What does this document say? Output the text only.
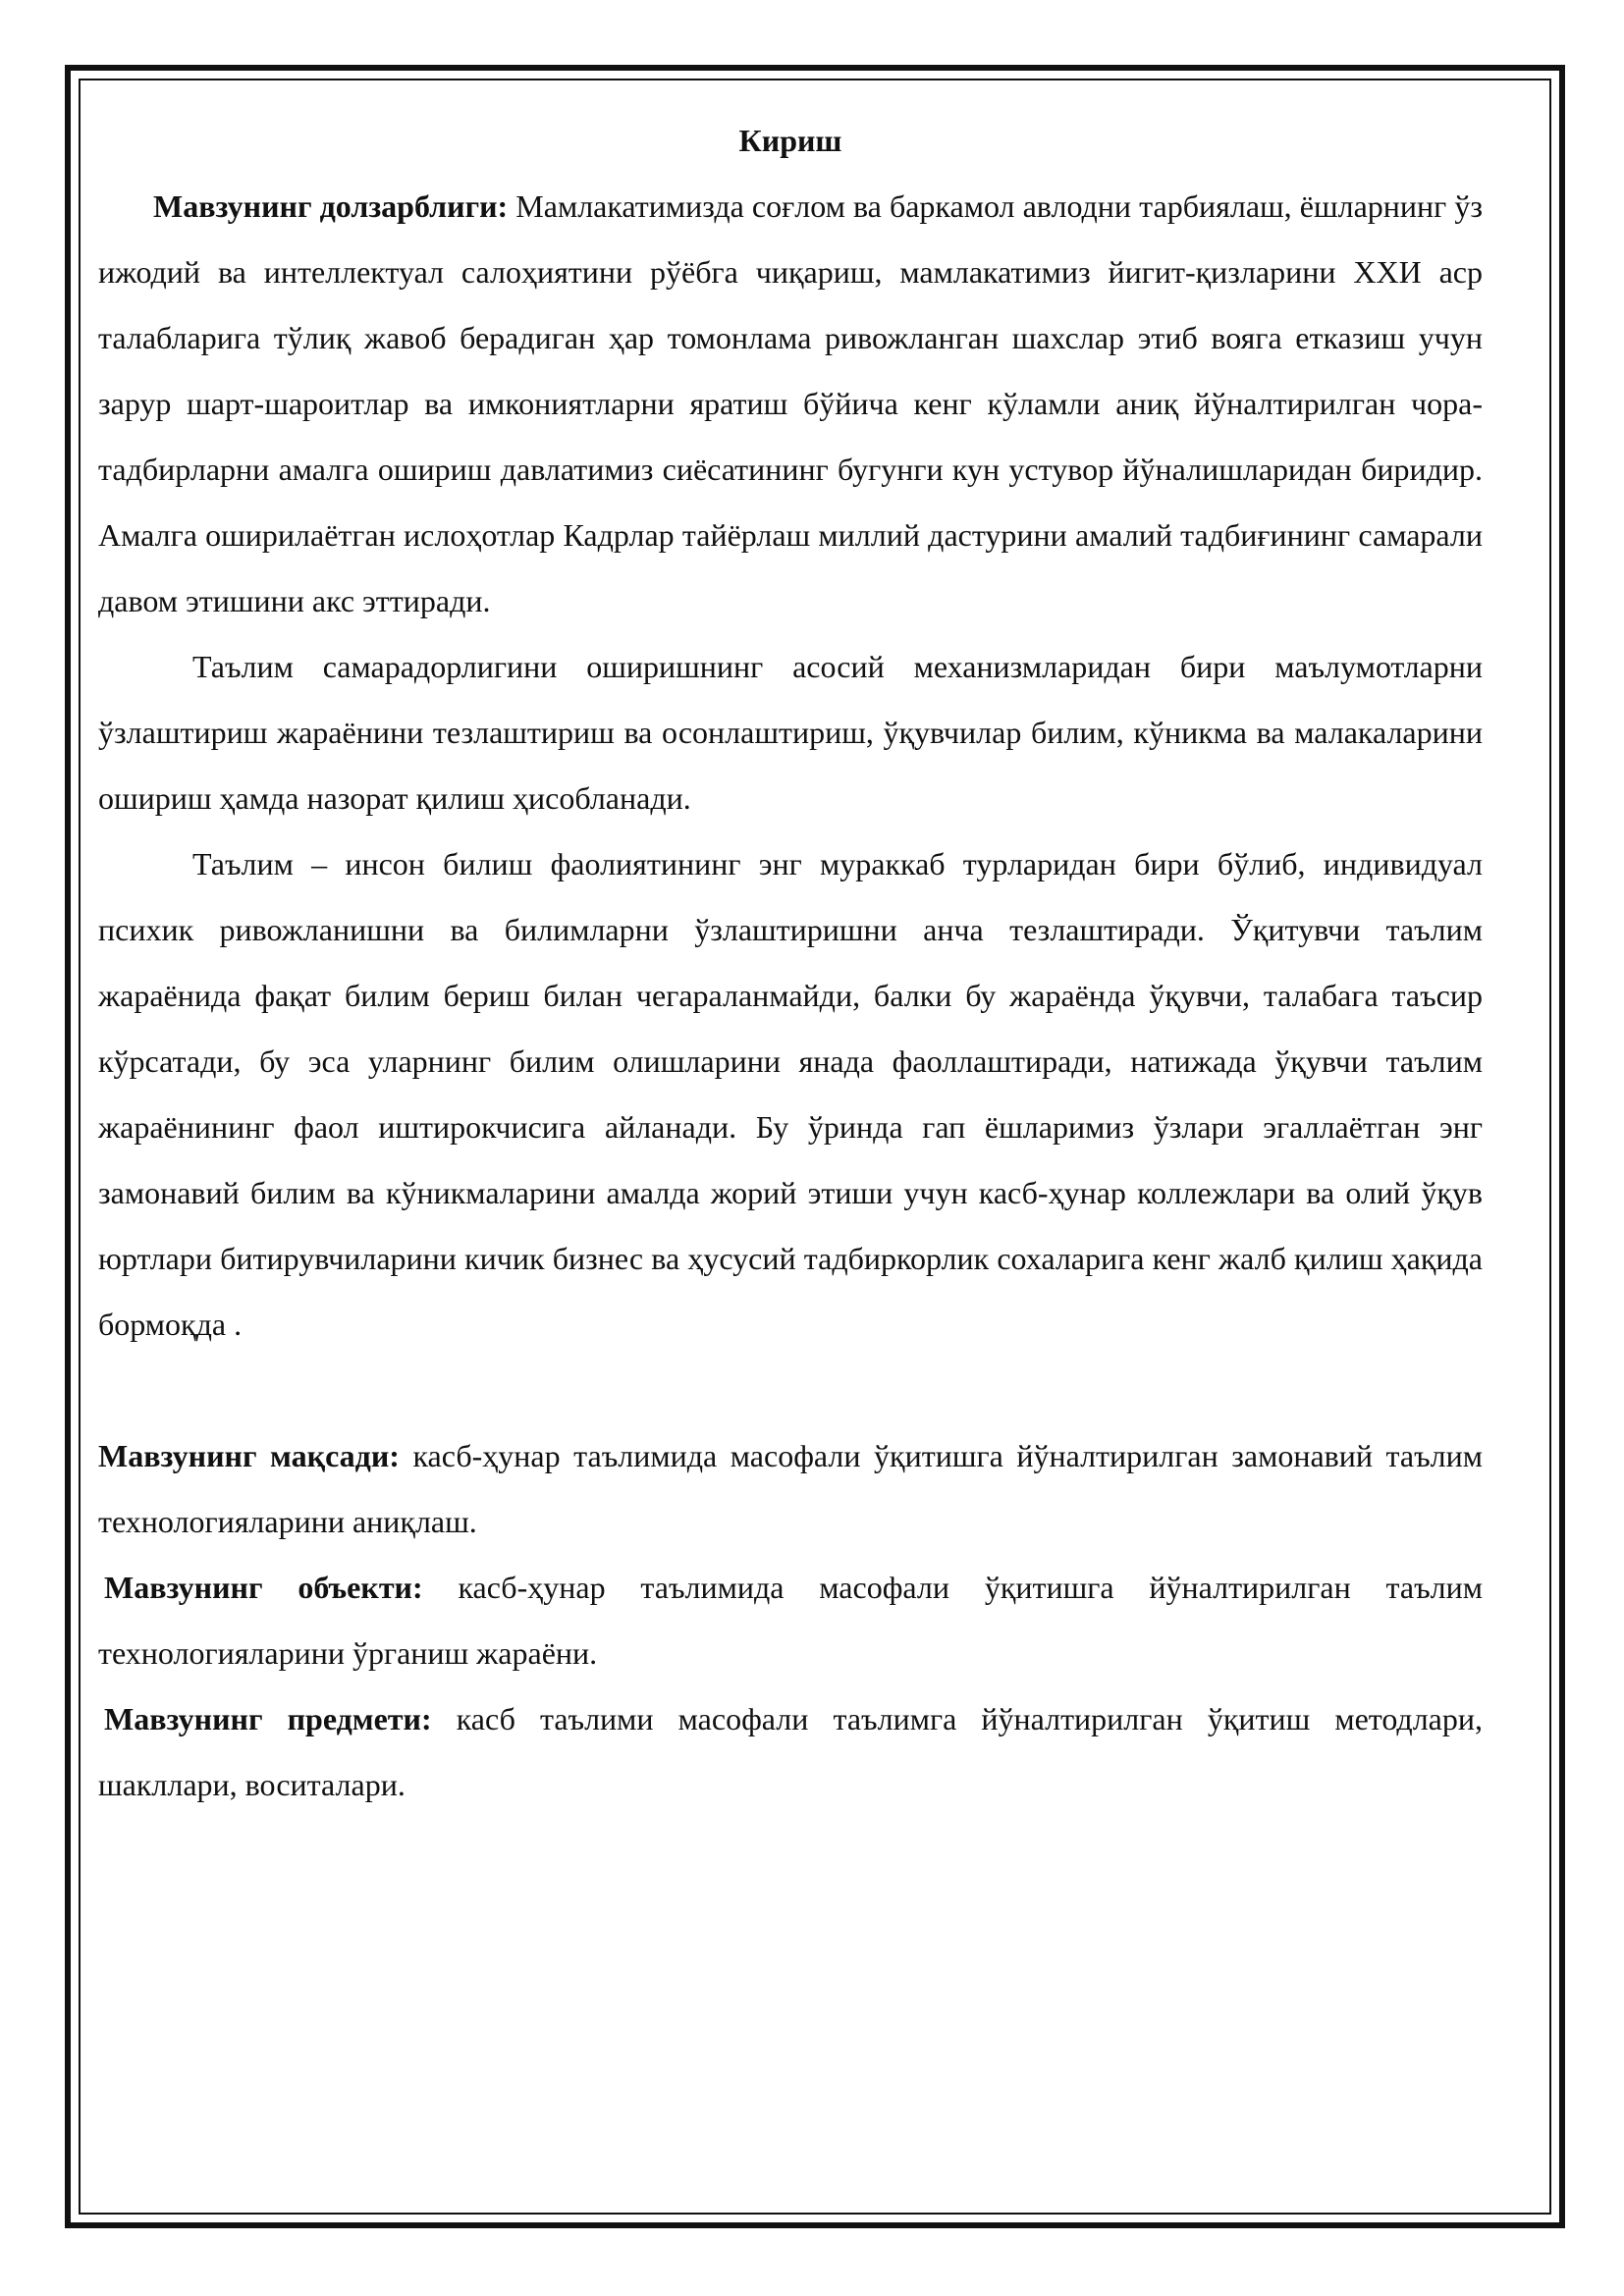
Кириш

Мавзунинг долзарблиги: Мамлакатимизда соғлом ва баркамол авлодни тарбиялаш, ёшларнинг ўз ижодий ва интеллектуал салоҳиятини рўёбга чиқариш, мамлакатимиз йигит-қизларини XXИ аср талабларига тўлиқ жавоб берадиган ҳар томонлама ривожланган шахслар этиб вояга етказиш учун зарур шарт-шароитлар ва имкониятларни яратиш бўйича кенг кўламли аниқ йўналтирилган чора-тадбирларни амалга ошириш давлатимиз сиёсатининг бугунги кун устувор йўналишларидан биридир. Амалга оширилаётган ислоҳотлар Кадрлар тайёрлаш миллий дастурини амалий тадбиғининг самарали давом этишини акс эттиради.

Таълим самарадорлигини оширишнинг асосий механизмларидан бири маълумотларни ўзлаштириш жараёнини тезлаштириш ва осонлаштириш, ўқувчилар билим, кўникма ва малакаларини ошириш ҳамда назорат қилиш ҳисобланади.

Таълим – инсон билиш фаолиятининг энг мураккаб турларидан бири бўлиб, индивидуал психик ривожланишни ва билимларни ўзлаштиришни анча тезлаштиради. Ўқитувчи таълим жараёнида фақат билим бериш билан чегараланмайди, балки бу жараёнда ўқувчи, талабага таъсир кўрсатади, бу эса уларнинг билим олишларини янада фаоллаштиради, натижада ўқувчи таълим жараёнининг фаол иштирокчисига айланади. Бу ўринда гап ёшларимиз ўзлари эгаллаётган энг замонавий билим ва кўникмаларини амалда жорий этиши учун касб-ҳунар коллежлари ва олий ўқув юртлари битирувчиларини кичик бизнес ва ҳусусий тадбиркорлик сохаларига кенг жалб қилиш ҳақида бормоқда .

Мавзунинг мақсади: касб-ҳунар таълимида масофали ўқитишга йўналтирилган замонавий таълим технологияларини аниқлаш.

Мавзунинг объекти: касб-ҳунар таълимида масофали ўқитишга йўналтирилган таълим технологияларини ўрганиш жараёни.

Мавзунинг предмети: касб таълими масофали таълимга йўналтирилган ўқитиш методлари, шакллари, воситалари.
